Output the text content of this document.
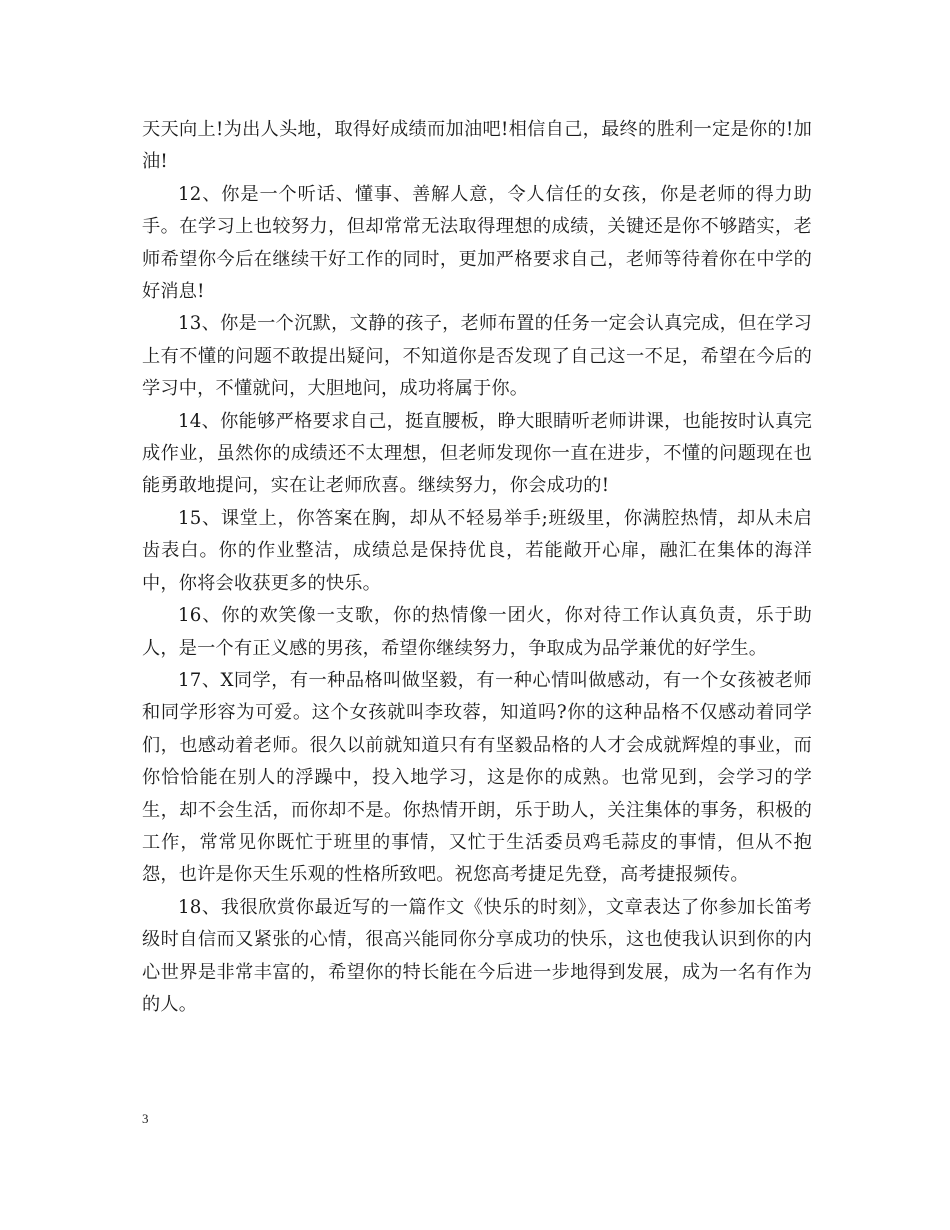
天天向上!为出人头地，取得好成绩而加油吧!相信自己，最终的胜利一定是你的!加油!

12、你是一个听话、懂事、善解人意，令人信任的女孩，你是老师的得力助手。在学习上也较努力，但却常常无法取得理想的成绩，关键还是你不够踏实，老师希望你今后在继续干好工作的同时，更加严格要求自己，老师等待着你在中学的好消息!

13、你是一个沉默，文静的孩子，老师布置的任务一定会认真完成，但在学习上有不懂的问题不敢提出疑问，不知道你是否发现了自己这一不足，希望在今后的学习中，不懂就问，大胆地问，成功将属于你。

14、你能够严格要求自己，挺直腰板，睁大眼睛听老师讲课，也能按时认真完成作业，虽然你的成绩还不太理想，但老师发现你一直在进步，不懂的问题现在也能勇敢地提问，实在让老师欣喜。继续努力，你会成功的!

15、课堂上，你答案在胸，却从不轻易举手;班级里，你满腔热情，却从未启齿表白。你的作业整洁，成绩总是保持优良，若能敞开心扉，融汇在集体的海洋中，你将会收获更多的快乐。

16、你的欢笑像一支歌，你的热情像一团火，你对待工作认真负责，乐于助人，是一个有正义感的男孩，希望你继续努力，争取成为品学兼优的好学生。

17、X同学，有一种品格叫做坚毅，有一种心情叫做感动，有一个女孩被老师和同学形容为可爱。这个女孩就叫李玫蓉，知道吗?你的这种品格不仅感动着同学们，也感动着老师。很久以前就知道只有有坚毅品格的人才会成就辉煌的事业，而你恰恰能在别人的浮躁中，投入地学习，这是你的成熟。也常见到，会学习的学生，却不会生活，而你却不是。你热情开朗，乐于助人，关注集体的事务，积极的工作，常常见你既忙于班里的事情，又忙于生活委员鸡毛蒜皮的事情，但从不抱怨，也许是你天生乐观的性格所致吧。祝您高考捷足先登，高考捷报频传。

18、我很欣赏你最近写的一篇作文《快乐的时刻》，文章表达了你参加长笛考级时自信而又紧张的心情，很高兴能同你分享成功的快乐，这也使我认识到你的内心世界是非常丰富的，希望你的特长能在今后进一步地得到发展，成为一名有作为的人。

3
